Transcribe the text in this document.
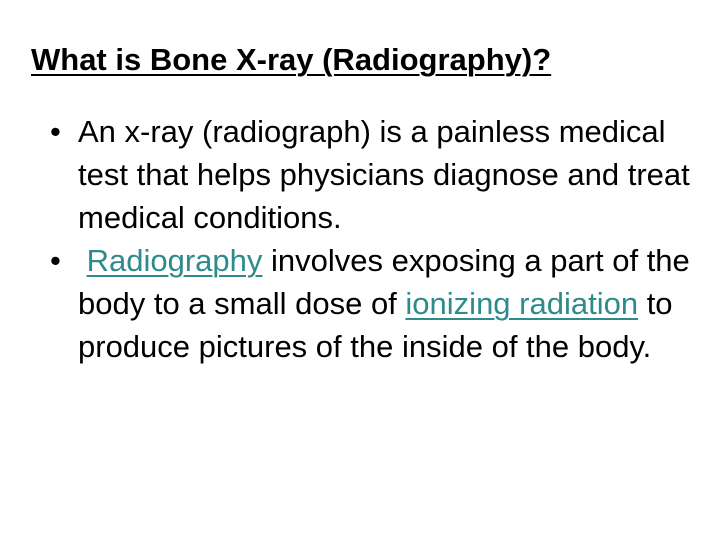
What is Bone X-ray (Radiography)?
• An x-ray (radiograph) is a painless medical test that helps physicians diagnose and treat medical conditions.
• Radiography involves exposing a part of the body to a small dose of ionizing radiation to produce pictures of the inside of the body.
